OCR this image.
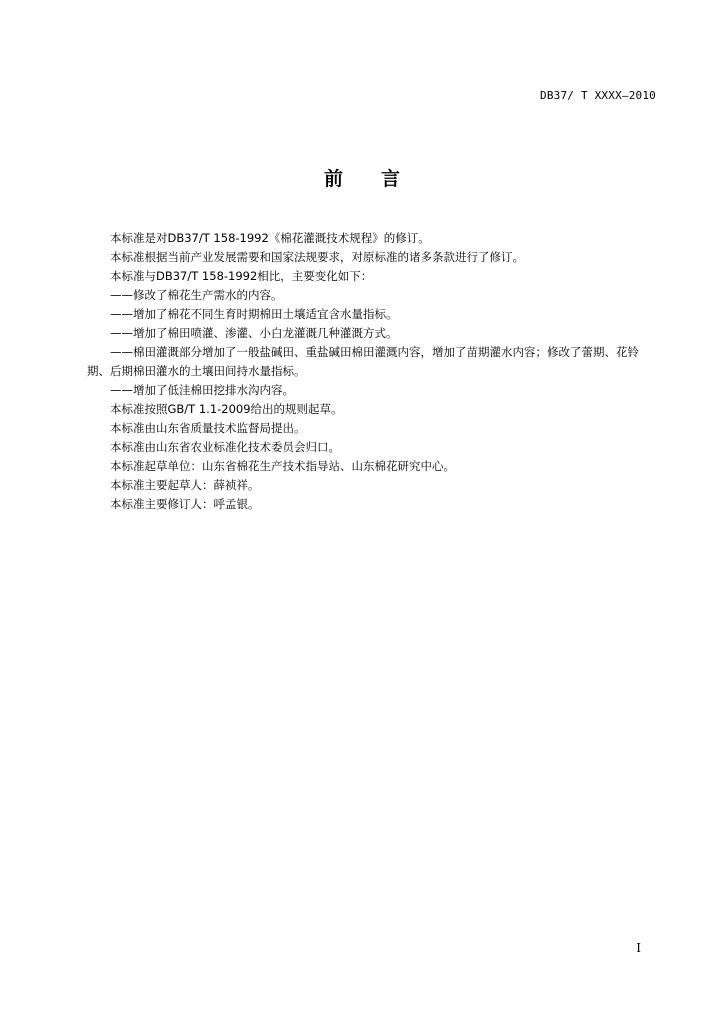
DB37/ T XXXX—2010
前　　言

本标准是对DB37/T 158-1992《棉花灌溉技术规程》的修订。

本标准根据当前产业发展需要和国家法规要求，对原标准的诸多条款进行了修订。

本标准与DB37/T 158-1992相比，主要变化如下：

——修改了棉花生产需水的内容。

——增加了棉花不同生育时期棉田土壤适宜含水量指标。

——增加了棉田喷灌、渗灌、小白龙灌溉几种灌溉方式。

——棉田灌溉部分增加了一般盐碱田、重盐碱田棉田灌溉内容，增加了苗期灌水内容；修改了蕾期、花铃期、后期棉田灌水的土壤田间持水量指标。

——增加了低洼棉田挖排水沟内容。

本标准按照GB/T 1.1-2009给出的规则起草。

本标准由山东省质量技术监督局提出。

本标准由山东省农业标准化技术委员会归口。

本标准起草单位：山东省棉花生产技术指导站、山东棉花研究中心。

本标准主要起草人：薛祯祥。

本标准主要修订人：呼孟银。

I
